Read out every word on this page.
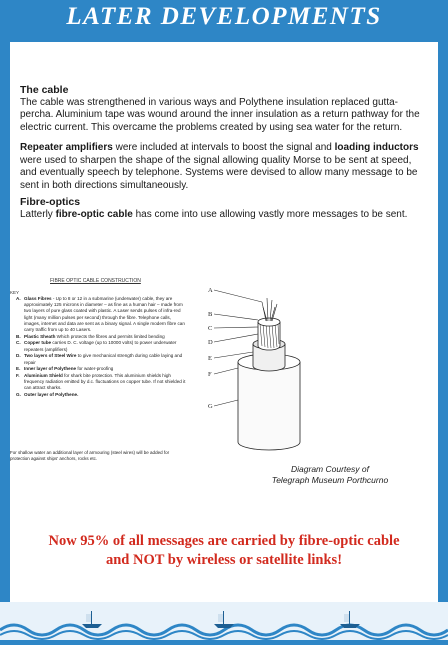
LATER DEVELOPMENTS
The cable
The cable was strengthened in various ways and Polythene insulation replaced gutta-percha. Aluminium tape was wound around the inner insulation as a return pathway for the electric current. This overcame the problems created by using sea water for the return.
Repeater amplifiers were included at intervals to boost the signal and loading inductors were used to sharpen the shape of the signal allowing quality Morse to be sent at speed, and eventually speech by telephone. Systems were devised to allow many message to be sent in both directions simultaneously.
Fibre-optics
Latterly fibre-optic cable has come into use allowing vastly more messages to be sent.
FIBRE OPTIC CABLE CONSTRUCTION
KEY
A. Glass Fibres - Up to 8 or 12 in a submarine (underwater) cable, they are approximately 125 microns in diameter – as fine as a human hair – made from two layers of pure glass coated with plastic. A Laser sends pulses of infra-red light (many million pulses per second) through the fibre. Telephone calls, images, internet and data are sent as a binary signal. A single modern fibre can carry traffic from up to 40 Lasers.
B. Plastic Sheath Which protects the fibres and permits limited bending
C. Copper tube carries D. C. voltage (up to 10000 volts) to power underwater repeaters (amplifiers)
D. Two layers of Steel Wire to give mechanical strength during cable laying and repair
E. Inner layer of Polythene for water-proofing
F. Aluminium Shield for shark bite protection. This aluminium shields high frequency radiation emitted by d.c. fluctuations on copper tube. If not shielded it can attract sharks.
G. Outer layer of Polythene.
For shallow water an additional layer of armouring (steel wires) will be added for protection against ships' anchors, rocks etc.
A
B
C
D
E
F
G
Diagram Courtesy of
Telegraph Museum Porthcurno
Now 95% of all messages are carried by fibre-optic cable
and NOT by wireless or satellite links!
